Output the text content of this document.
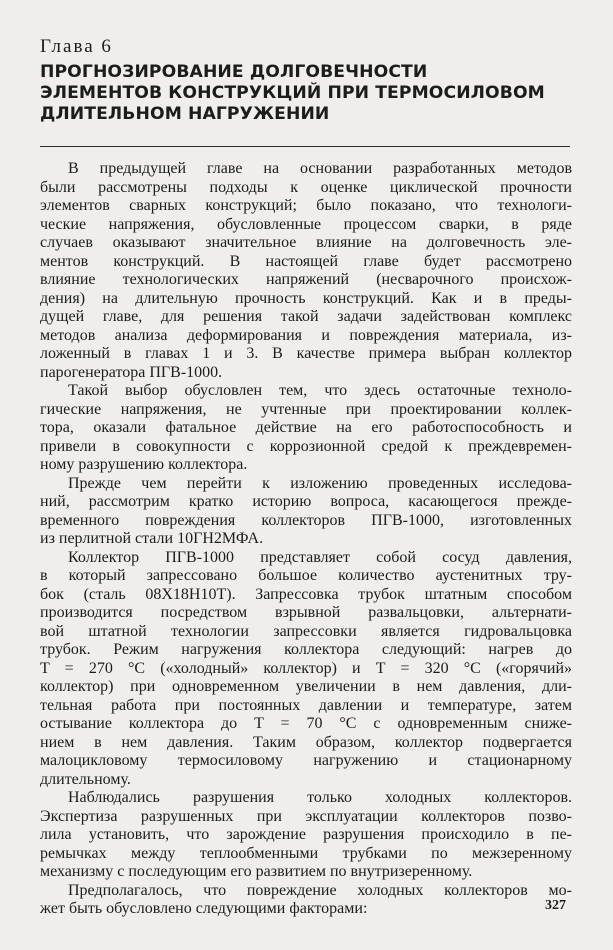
Глава 6
ПРОГНОЗИРОВАНИЕ ДОЛГОВЕЧНОСТИ
ЭЛЕМЕНТОВ КОНСТРУКЦИЙ ПРИ ТЕРМОСИЛОВОМ
ДЛИТЕЛЬНОМ НАГРУЖЕНИИ

В предыдущей главе на основании разработанных методов
были рассмотрены подходы к оценке циклической прочности
элементов сварных конструкций; было показано, что технологи-
ческие напряжения, обусловленные процессом сварки, в ряде
случаев оказывают значительное влияние на долговечность эле-
ментов конструкций. В настоящей главе будет рассмотрено
влияние технологических напряжений (несварочного происхож-
дения) на длительную прочность конструкций. Как и в преды-
дущей главе, для решения такой задачи задействован комплекс
методов анализа деформирования и повреждения материала, из-
ложенный в главах 1 и 3. В качестве примера выбран коллектор
парогенератора ПГВ-1000.

Такой выбор обусловлен тем, что здесь остаточные техноло-
гические напряжения, не учтенные при проектировании коллек-
тора, оказали фатальное действие на его работоспособность и
привели в совокупности с коррозионной средой к преждевремен-
ному разрушению коллектора.

Прежде чем перейти к изложению проведенных исследова-
ний, рассмотрим кратко историю вопроса, касающегося прежде-
временного повреждения коллекторов ПГВ-1000, изготовленных
из перлитной стали 10ГН2МФА.

Коллектор ПГВ-1000 представляет собой сосуд давления,
в который запрессовано большое количество аустенитных тру-
бок (сталь 08Х18Н10Т). Запрессовка трубок штатным способом
производится посредством взрывной развальцовки, альтернати-
вой штатной технологии запрессовки является гидровальцовка
трубок. Режим нагружения коллектора следующий: нагрев до
T = 270 °С («холодный» коллектор) и T = 320 °С («горячий»
коллектор) при одновременном увеличении в нем давления, дли-
тельная работа при постоянных давлении и температуре, затем
остывание коллектора до T = 70 °С с одновременным сниже-
нием в нем давления. Таким образом, коллектор подвергается
малоцикловому термосиловому нагружению и стационарному
длительному.

Наблюдались разрушения только холодных коллекторов.
Экспертиза разрушенных при эксплуатации коллекторов позво-
лила установить, что зарождение разрушения происходило в пе-
ремычках между теплообменными трубками по межзеренному
механизму с последующим его развитием по внутризеренному.

Предполагалось, что повреждение холодных коллекторов мо-
жет быть обусловлено следующими факторами:	327
